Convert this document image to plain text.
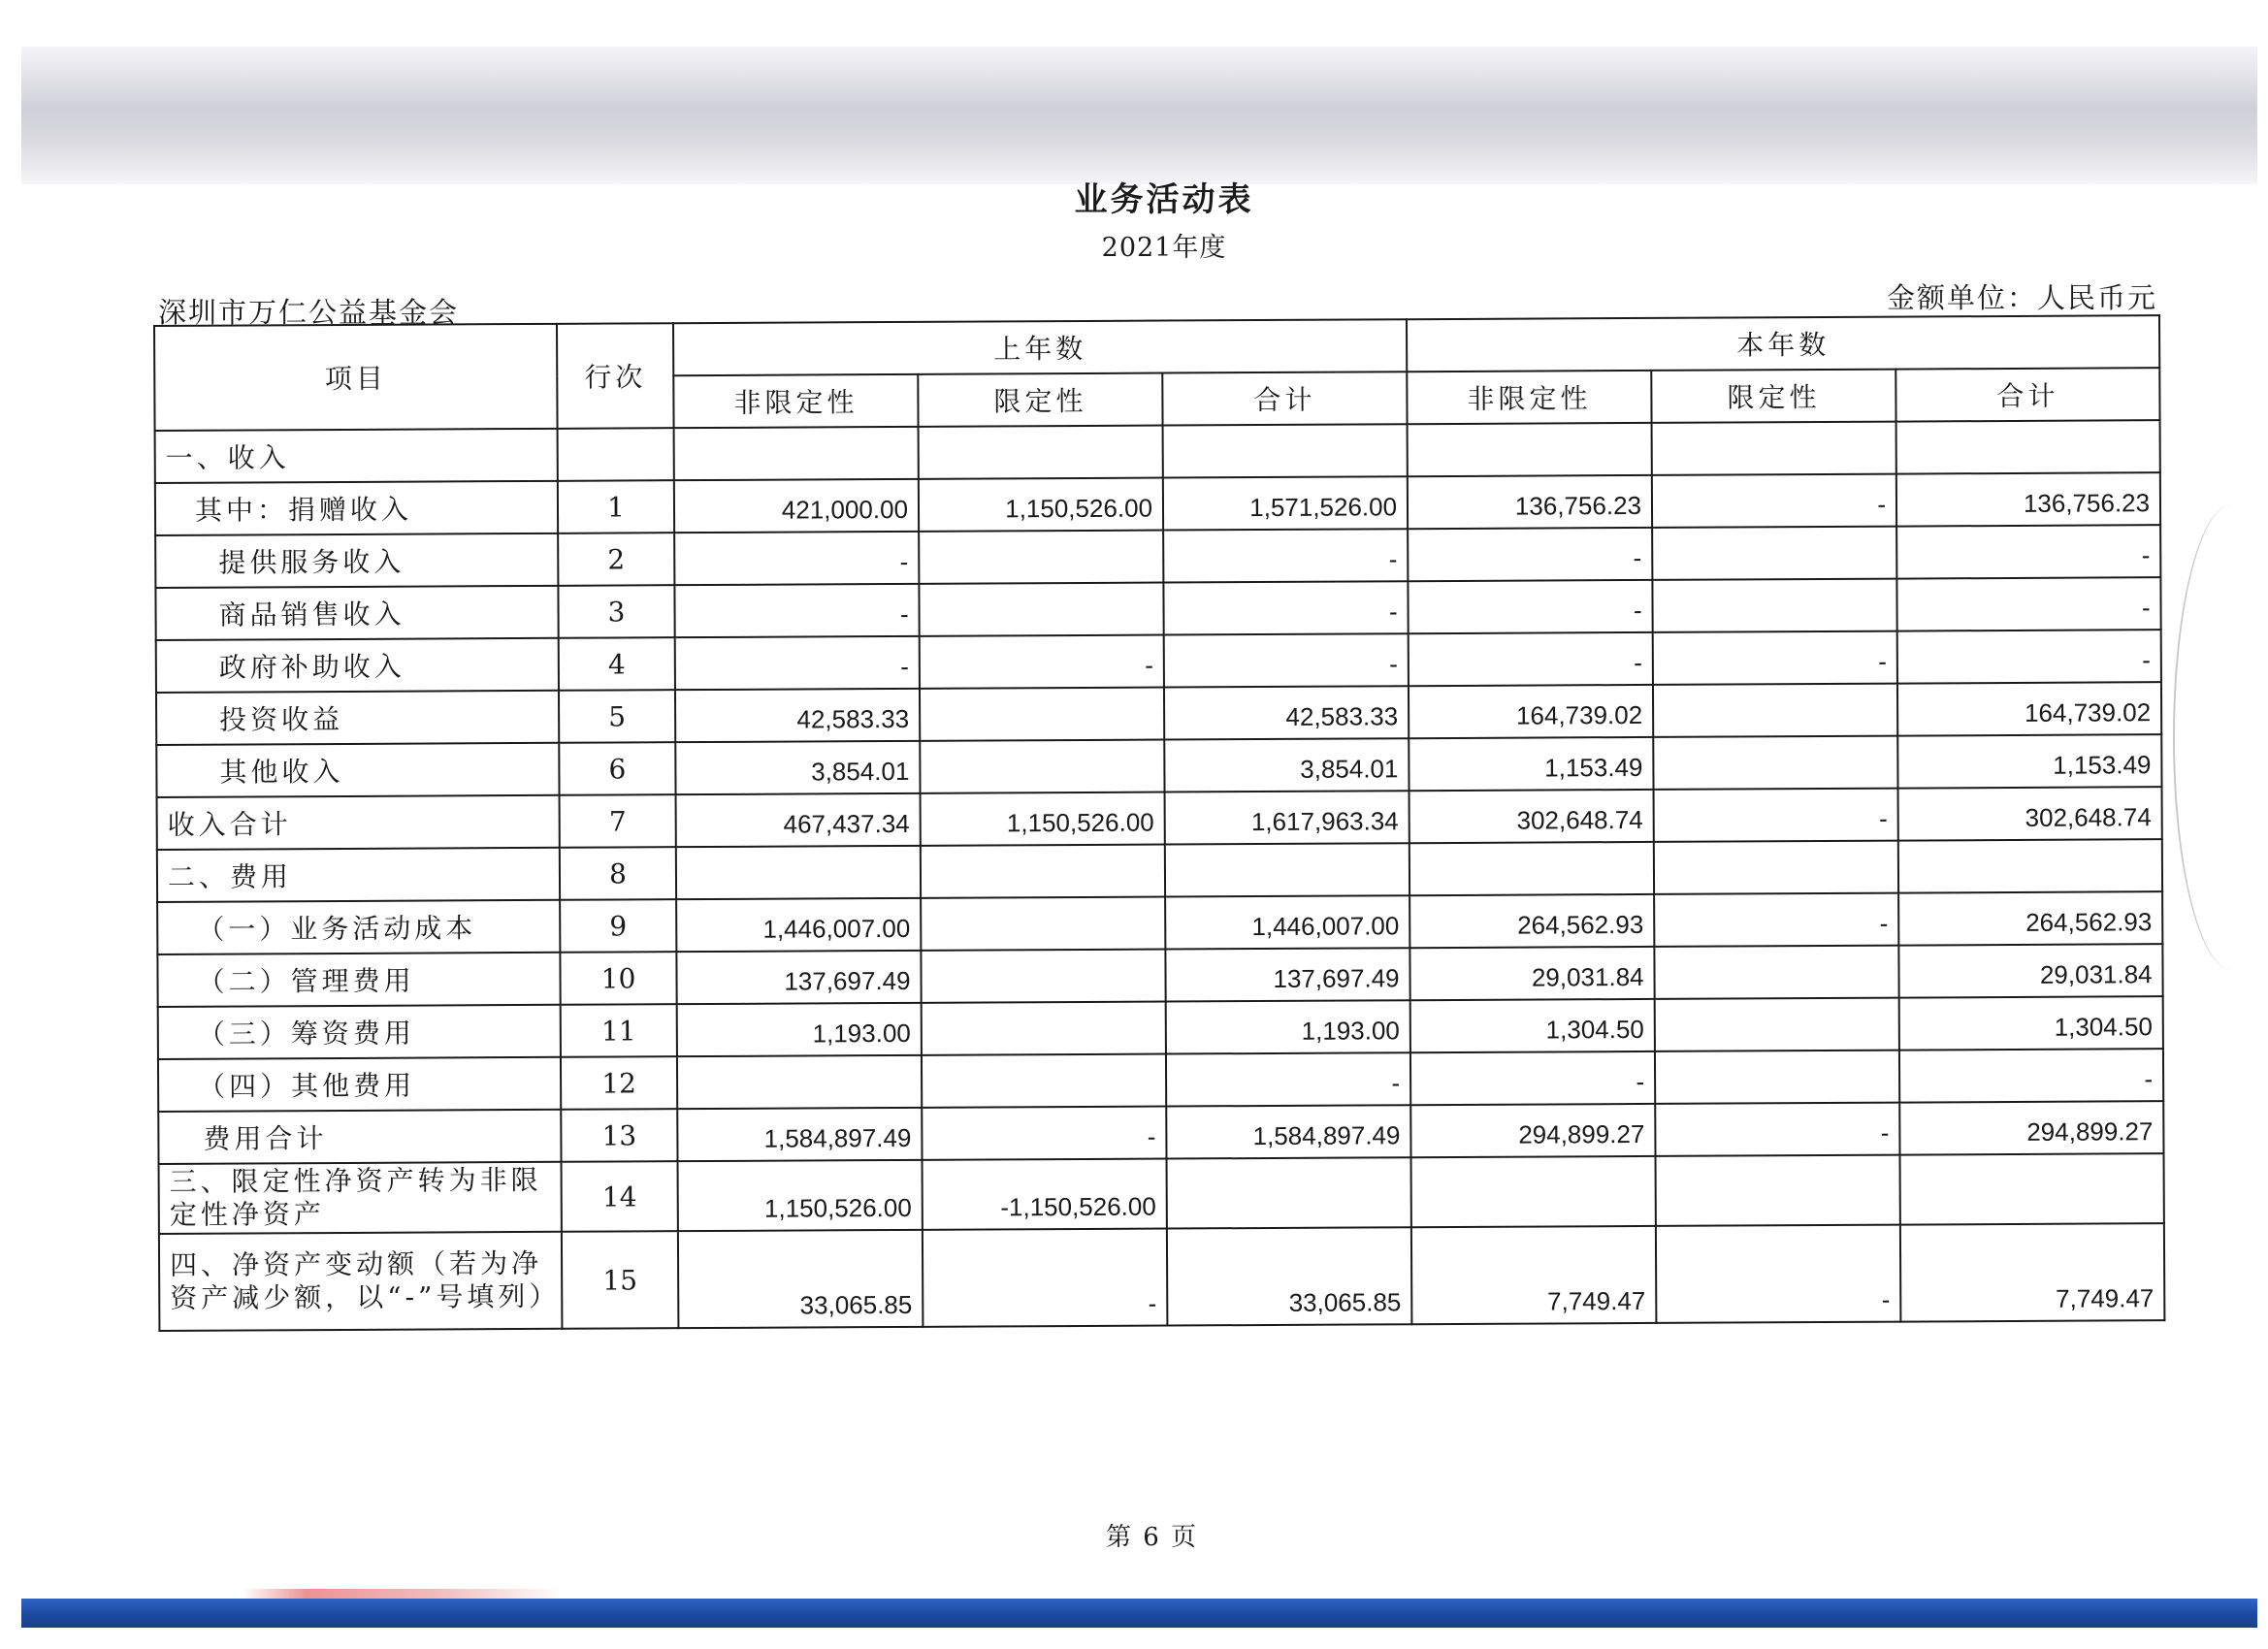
业务活动表
2021年度
深圳市万仁公益基金会	金额单位：人民币元
项目	行次	上年数			本年数		
		非限定性	限定性	合计	非限定性	限定性	合计
一、收入							
其中：捐赠收入	1	421,000.00	1,150,526.00	1,571,526.00	136,756.23	-	136,756.23
提供服务收入	2	-		-	-		-
商品销售收入	3	-		-	-		-
政府补助收入	4	-	-	-	-	-	-
投资收益	5	42,583.33		42,583.33	164,739.02		164,739.02
其他收入	6	3,854.01		3,854.01	1,153.49		1,153.49
收入合计	7	467,437.34	1,150,526.00	1,617,963.34	302,648.74	-	302,648.74
二、费用	8						
（一）业务活动成本	9	1,446,007.00		1,446,007.00	264,562.93	-	264,562.93
（二）管理费用	10	137,697.49		137,697.49	29,031.84		29,031.84
（三）筹资费用	11	1,193.00		1,193.00	1,304.50		1,304.50
（四）其他费用	12			-	-		-
费用合计	13	1,584,897.49	-	1,584,897.49	294,899.27	-	294,899.27
三、限定性净资产转为非限定性净资产	14	1,150,526.00	-1,150,526.00				
四、净资产变动额（若为净资产减少额，以“-”号填列）	15	33,065.85	-	33,065.85	7,749.47	-	7,749.47
第 6 页
